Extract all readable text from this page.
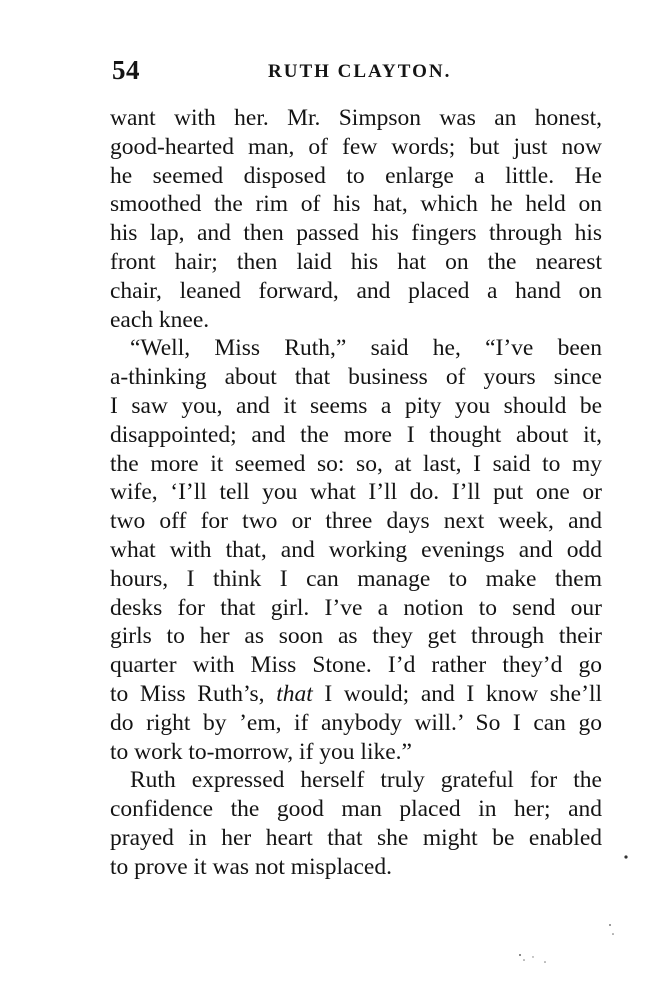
54	RUTH CLAYTON.
want with her. Mr. Simpson was an honest,
good-hearted man, of few words; but just now
he seemed disposed to enlarge a little. He
smoothed the rim of his hat, which he held on
his lap, and then passed his fingers through his
front hair; then laid his hat on the nearest
chair, leaned forward, and placed a hand on
each knee.
“Well, Miss Ruth,” said he, “I’ve been
a-thinking about that business of yours since
I saw you, and it seems a pity you should be
disappointed; and the more I thought about it,
the more it seemed so: so, at last, I said to my
wife, ‘I’ll tell you what I’ll do. I’ll put one or
two off for two or three days next week, and
what with that, and working evenings and odd
hours, I think I can manage to make them
desks for that girl. I’ve a notion to send our
girls to her as soon as they get through their
quarter with Miss Stone. I’d rather they’d go
to Miss Ruth’s, that I would; and I know she’ll
do right by ’em, if anybody will.’ So I can go
to work to-morrow, if you like.”
Ruth expressed herself truly grateful for the
confidence the good man placed in her; and
prayed in her heart that she might be enabled
to prove it was not misplaced.
